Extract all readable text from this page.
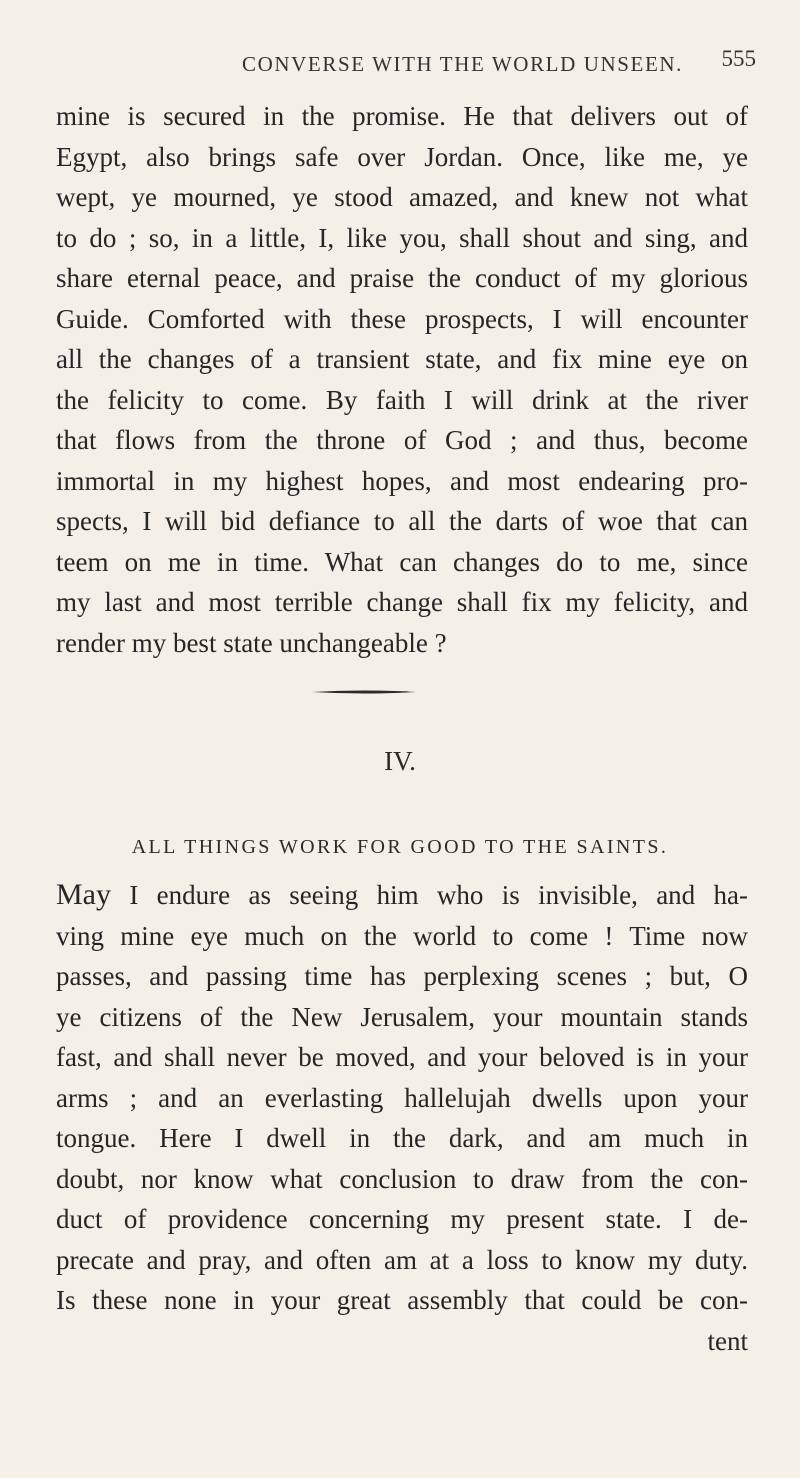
CONVERSE WITH THE WORLD UNSEEN. 555
mine is secured in the promise. He that delivers out of
Egypt, also brings safe over Jordan. Once, like me, ye
wept, ye mourned, ye stood amazed, and knew not what
to do ; so, in a little, I, like you, shall shout and sing, and
share eternal peace, and praise the conduct of my glorious
Guide. Comforted with these prospects, I will encounter
all the changes of a transient state, and fix mine eye on
the felicity to come. By faith I will drink at the river
that flows from the throne of God ; and thus, become
immortal in my highest hopes, and most endearing pro-
spects, I will bid defiance to all the darts of woe that can
teem on me in time. What can changes do to me, since
my last and most terrible change shall fix my felicity, and
render my best state unchangeable ?
IV.
ALL THINGS WORK FOR GOOD TO THE SAINTS.
May I endure as seeing him who is invisible, and ha-
ving mine eye much on the world to come ! Time now
passes, and passing time has perplexing scenes ; but, O
ye citizens of the New Jerusalem, your mountain stands
fast, and shall never be moved, and your beloved is in your
arms ; and an everlasting hallelujah dwells upon your
tongue. Here I dwell in the dark, and am much in
doubt, nor know what conclusion to draw from the con-
duct of providence concerning my present state. I de-
precate and pray, and often am at a loss to know my duty.
Is these none in your great assembly that could be con-
tent
